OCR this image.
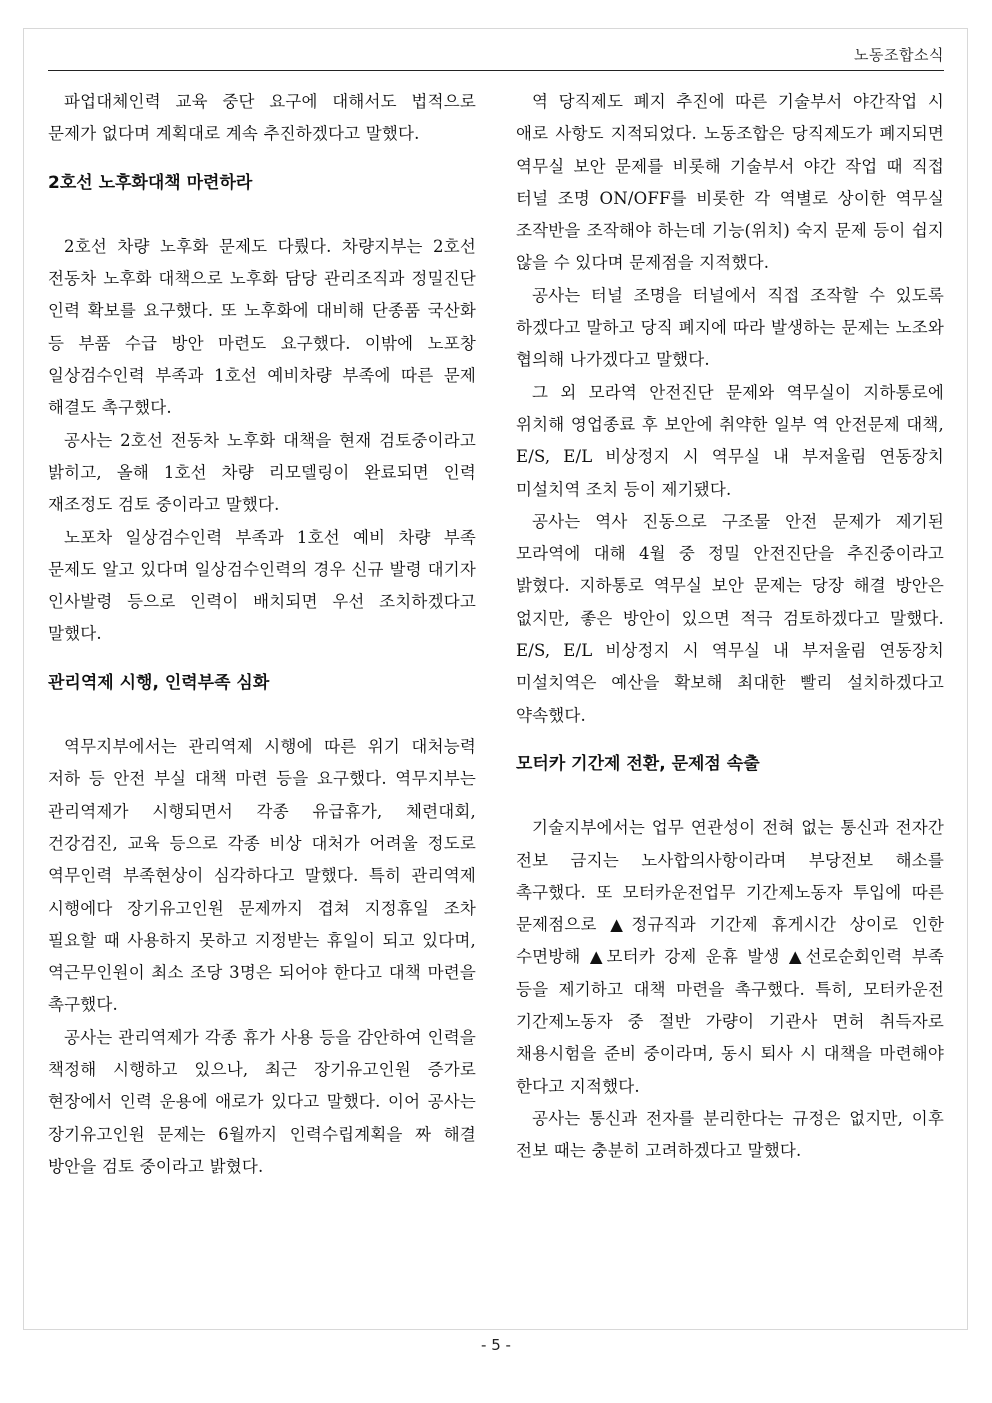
노동조합소식

파업대체인력 교육 중단 요구에 대해서도 법적으로 문제가 없다며 계획대로 계속 추진하겠다고 말했다.

2호선 노후화대책 마련하라

2호선 차량 노후화 문제도 다뤘다. 차량지부는 2호선 전동차 노후화 대책으로 노후화 담당 관리조직과 정밀진단 인력 확보를 요구했다. 또 노후화에 대비해 단종품 국산화 등 부품 수급 방안 마련도 요구했다. 이밖에 노포창 일상검수인력 부족과 1호선 예비차량 부족에 따른 문제 해결도 촉구했다.

공사는 2호선 전동차 노후화 대책을 현재 검토중이라고 밝히고, 올해 1호선 차량 리모델링이 완료되면 인력 재조정도 검토 중이라고 말했다.

노포차 일상검수인력 부족과 1호선 예비 차량 부족 문제도 알고 있다며 일상검수인력의 경우 신규 발령 대기자 인사발령 등으로 인력이 배치되면 우선 조치하겠다고 말했다.

관리역제 시행, 인력부족 심화

역무지부에서는 관리역제 시행에 따른 위기 대처능력 저하 등 안전 부실 대책 마련 등을 요구했다. 역무지부는 관리역제가 시행되면서 각종 유급휴가, 체련대회, 건강검진, 교육 등으로 각종 비상 대처가 어려울 정도로 역무인력 부족현상이 심각하다고 말했다. 특히 관리역제 시행에다 장기유고인원 문제까지 겹쳐 지정휴일 조차 필요할 때 사용하지 못하고 지정받는 휴일이 되고 있다며, 역근무인원이 최소 조당 3명은 되어야 한다고 대책 마련을 촉구했다.

공사는 관리역제가 각종 휴가 사용 등을 감안하여 인력을 책정해 시행하고 있으나, 최근 장기유고인원 증가로 현장에서 인력 운용에 애로가 있다고 말했다. 이어 공사는 장기유고인원 문제는 6월까지 인력수립계획을 짜 해결 방안을 검토 중이라고 밝혔다.

역 당직제도 폐지 추진에 따른 기술부서 야간작업 시 애로 사항도 지적되었다. 노동조합은 당직제도가 폐지되면 역무실 보안 문제를 비롯해 기술부서 야간 작업 때 직접 터널 조명 ON/OFF를 비롯한 각 역별로 상이한 역무실 조작반을 조작해야 하는데 기능(위치) 숙지 문제 등이 쉽지 않을 수 있다며 문제점을 지적했다.

공사는 터널 조명을 터널에서 직접 조작할 수 있도록 하겠다고 말하고 당직 폐지에 따라 발생하는 문제는 노조와 협의해 나가겠다고 말했다.

그 외 모라역 안전진단 문제와 역무실이 지하통로에 위치해 영업종료 후 보안에 취약한 일부 역 안전문제 대책, E/S, E/L 비상정지 시 역무실 내 부저울림 연동장치 미설치역 조치 등이 제기됐다.

공사는 역사 진동으로 구조물 안전 문제가 제기된 모라역에 대해 4월 중 정밀 안전진단을 추진중이라고 밝혔다. 지하통로 역무실 보안 문제는 당장 해결 방안은 없지만, 좋은 방안이 있으면 적극 검토하겠다고 말했다. E/S, E/L 비상정지 시 역무실 내 부저울림 연동장치 미설치역은 예산을 확보해 최대한 빨리 설치하겠다고 약속했다.

모터카 기간제 전환, 문제점 속출

기술지부에서는 업무 연관성이 전혀 없는 통신과 전자간 전보 금지는 노사합의사항이라며 부당전보 해소를 촉구했다. 또 모터카운전업무 기간제노동자 투입에 따른 문제점으로 ▲정규직과 기간제 휴게시간 상이로 인한 수면방해 ▲모터카 강제 운휴 발생 ▲선로순회인력 부족 등을 제기하고 대책 마련을 촉구했다. 특히, 모터카운전 기간제노동자 중 절반 가량이 기관사 면허 취득자로 채용시험을 준비 중이라며, 동시 퇴사 시 대책을 마련해야 한다고 지적했다.

공사는 통신과 전자를 분리한다는 규정은 없지만, 이후 전보 때는 충분히 고려하겠다고 말했다.

- 5 -
